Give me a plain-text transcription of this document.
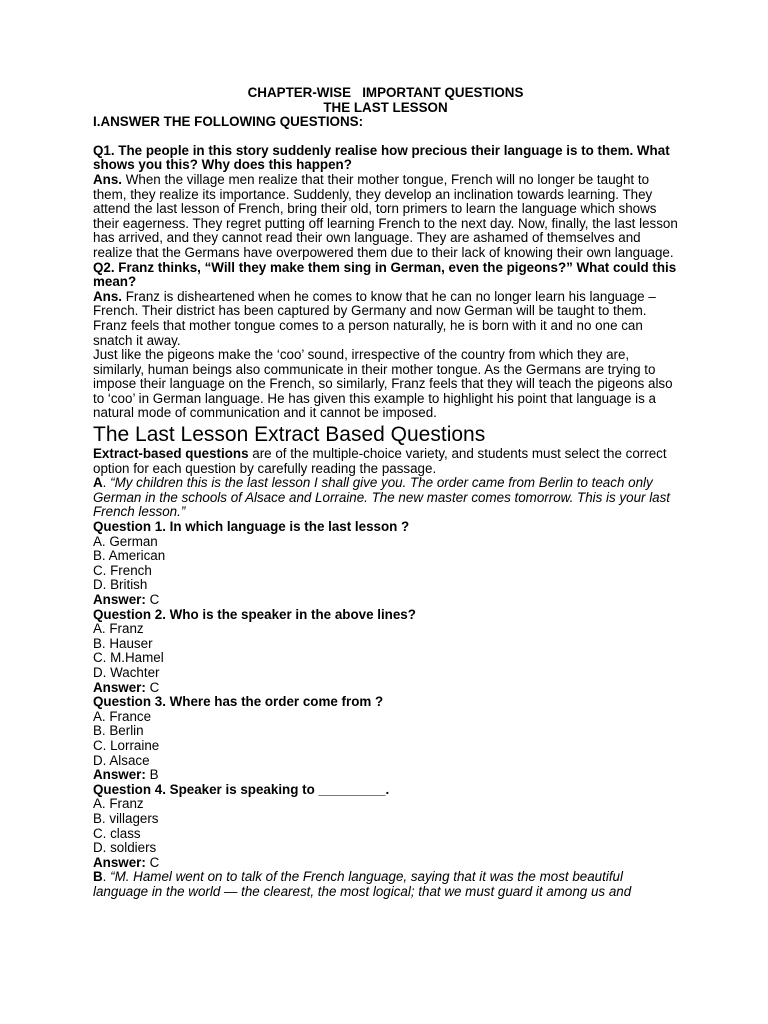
CHAPTER-WISE   IMPORTANT QUESTIONS

THE LAST LESSON

I.ANSWER THE FOLLOWING QUESTIONS:

Q1. The people in this story suddenly realise how precious their language is to them. What shows you this? Why does this happen?

Ans. When the village men realize that their mother tongue, French will no longer be taught to them, they realize its importance. Suddenly, they develop an inclination towards learning. They attend the last lesson of French, bring their old, torn primers to learn the language which shows their eagerness. They regret putting off learning French to the next day. Now, finally, the last lesson has arrived, and they cannot read their own language. They are ashamed of themselves and realize that the Germans have overpowered them due to their lack of knowing their own language.

Q2. Franz thinks, “Will they make them sing in German, even the pigeons?” What could this mean?

Ans. Franz is disheartened when he comes to know that he can no longer learn his language – French. Their district has been captured by Germany and now German will be taught to them. Franz feels that mother tongue comes to a person naturally, he is born with it and no one can snatch it away.

Just like the pigeons make the ‘coo’ sound, irrespective of the country from which they are, similarly, human beings also communicate in their mother tongue. As the Germans are trying to impose their language on the French, so similarly, Franz feels that they will teach the pigeons also to ‘coo’ in German language. He has given this example to highlight his point that language is a natural mode of communication and it cannot be imposed.

The Last Lesson Extract Based Questions

Extract-based questions are of the multiple-choice variety, and students must select the correct option for each question by carefully reading the passage.

A. “My children this is the last lesson I shall give you. The order came from Berlin to teach only German in the schools of Alsace and Lorraine. The new master comes tomorrow. This is your last French lesson.”

Question 1. In which language is the last lesson ?

A. German

B. American

C. French

D. British

Answer: C

Question 2. Who is the speaker in the above lines?

A. Franz

B. Hauser

C. M.Hamel

D. Wachter

Answer: C

Question 3. Where has the order come from ?

A. France

B. Berlin

C. Lorraine

D. Alsace

Answer: B

Question 4. Speaker is speaking to _________.

A. Franz

B. villagers

C. class

D. soldiers

Answer: C

B. “M. Hamel went on to talk of the French language, saying that it was the most beautiful language in the world — the clearest, the most logical; that we must guard it among us and
